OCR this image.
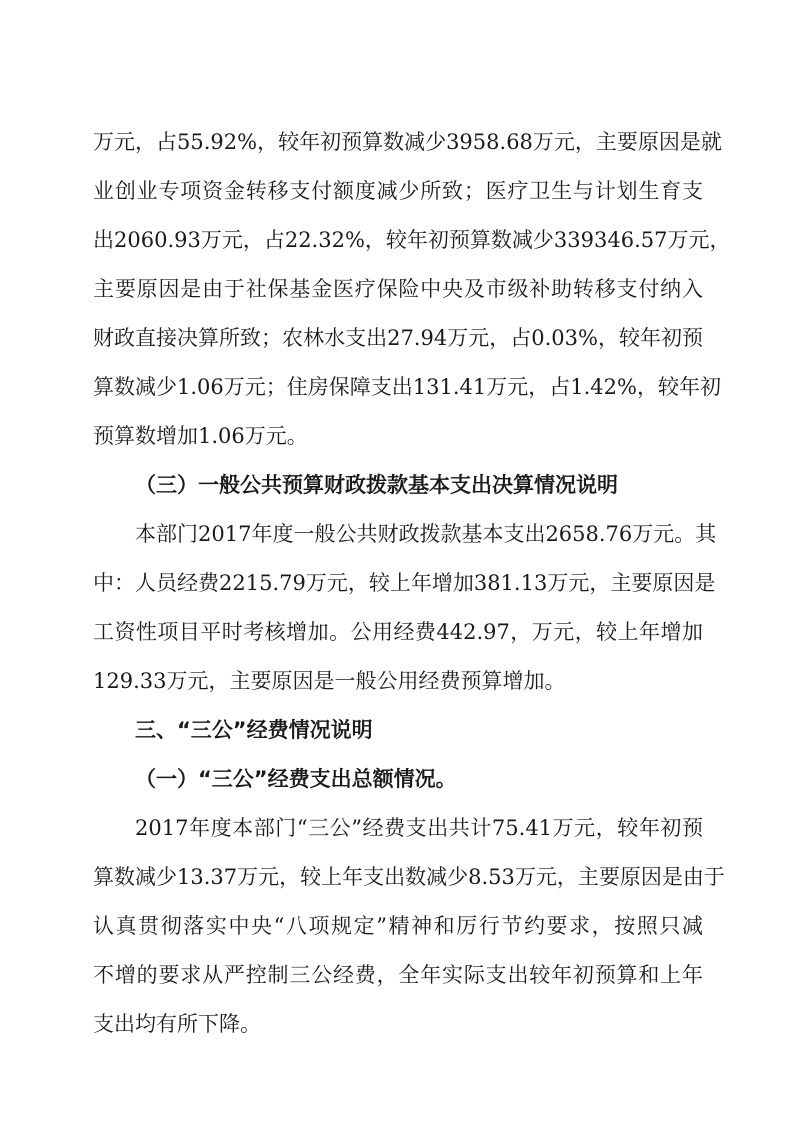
万元，占55.92%，较年初预算数减少3958.68万元，主要原因是就
业创业专项资金转移支付额度减少所致；医疗卫生与计划生育支
出2060.93万元，占22.32%，较年初预算数减少339346.57万元，
主要原因是由于社保基金医疗保险中央及市级补助转移支付纳入
财政直接决算所致；农林水支出27.94万元，占0.03%，较年初预
算数减少1.06万元；住房保障支出131.41万元，占1.42%，较年初
预算数增加1.06万元。
（三）一般公共预算财政拨款基本支出决算情况说明
本部门2017年度一般公共财政拨款基本支出2658.76万元。其
中：人员经费2215.79万元，较上年增加381.13万元，主要原因是
工资性项目平时考核增加。公用经费442.97，万元，较上年增加
129.33万元，主要原因是一般公用经费预算增加。
三、“三公”经费情况说明
（一）“三公”经费支出总额情况。
2017年度本部门“三公”经费支出共计75.41万元，较年初预
算数减少13.37万元，较上年支出数减少8.53万元，主要原因是由于
认真贯彻落实中央“八项规定”精神和厉行节约要求，按照只减
不增的要求从严控制三公经费，全年实际支出较年初预算和上年
支出均有所下降。
